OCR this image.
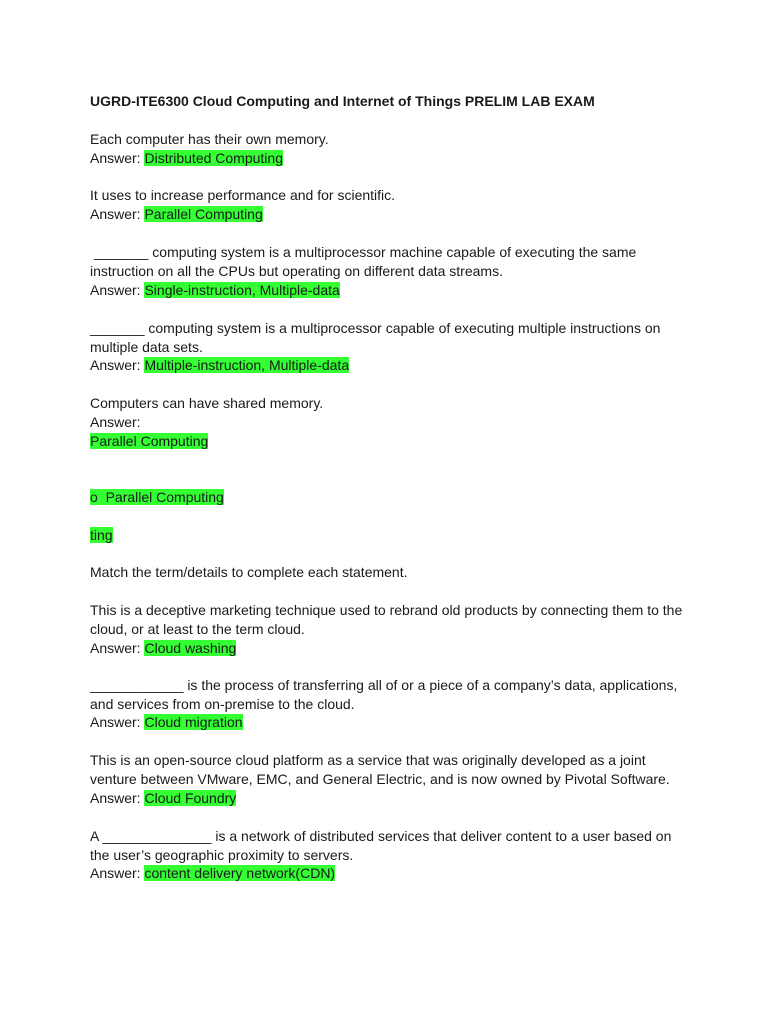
UGRD-ITE6300 Cloud Computing and Internet of Things PRELIM LAB EXAM

Each computer has their own memory.

Answer: Distributed Computing

It uses to increase performance and for scientific.

Answer: Parallel Computing

_______ computing system is a multiprocessor machine capable of executing the same

instruction on all the CPUs but operating on different data streams.

Answer: Single-instruction, Multiple-data

_______ computing system is a multiprocessor capable of executing multiple instructions on

multiple data sets.

Answer: Multiple-instruction, Multiple-data

Computers can have shared memory.

Answer:

Parallel Computing

o  Parallel Computing

ting

Match the term/details to complete each statement.

This is a deceptive marketing technique used to rebrand old products by connecting them to the

cloud, or at least to the term cloud.

Answer: Cloud washing

____________ is the process of transferring all of or a piece of a company’s data, applications,

and services from on-premise to the cloud.

Answer: Cloud migration

This is an open-source cloud platform as a service that was originally developed as a joint

venture between VMware, EMC, and General Electric, and is now owned by Pivotal Software.

Answer: Cloud Foundry

A ______________ is a network of distributed services that deliver content to a user based on

the user’s geographic proximity to servers.

Answer: content delivery network(CDN)
